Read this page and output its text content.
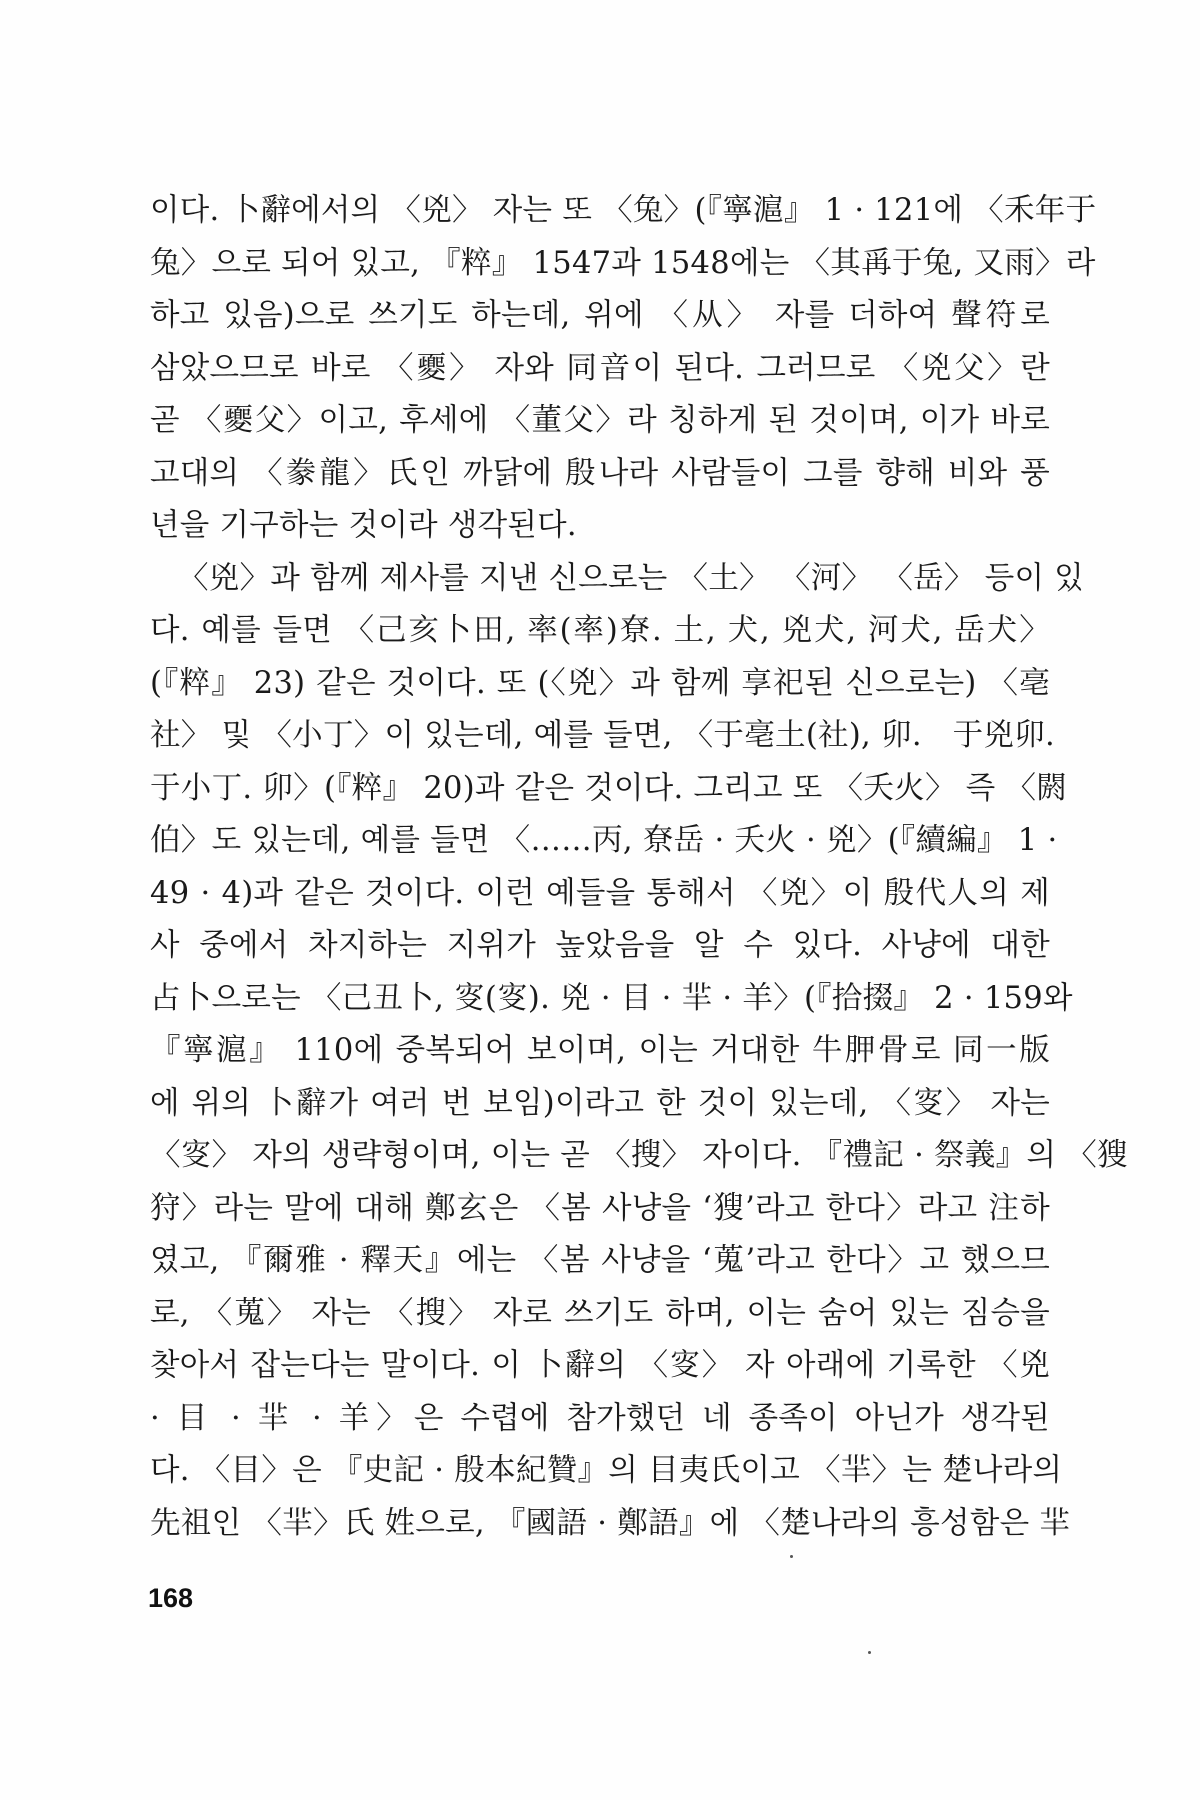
이다. 卜辭에서의 〈兇〉 자는 또 〈兔〉(『寧滬』 1 · 121에 〈禾年于
兔〉으로 되어 있고, 『粹』 1547과 1548에는 〈其爯于兔, 又雨〉라
하고 있음)으로 쓰기도 하는데, 위에 〈从〉 자를 더하여 聲符로
삼았으므로 바로 〈夒〉 자와 同音이 된다. 그러므로 〈兇父〉란
곧 〈夒父〉이고, 후세에 〈董父〉라 칭하게 된 것이며, 이가 바로
고대의 〈豢龍〉氏인 까닭에 殷나라 사람들이 그를 향해 비와 풍
년을 기구하는 것이라 생각된다.
〈兇〉과 함께 제사를 지낸 신으로는 〈土〉 〈河〉 〈岳〉 등이 있
다. 예를 들면 〈己亥卜田, 率(率)尞. 土, 犬, 兇犬, 河犬, 岳犬〉
(『粹』 23) 같은 것이다. 또 (〈兇〉과 함께 享祀된 신으로는) 〈亳
社〉 및 〈小丁〉이 있는데, 예를 들면, 〈于亳土(社), 卯.　于兇卯.
于小丁. 卯〉(『粹』 20)과 같은 것이다. 그리고 또 〈夭火〉 즉 〈閼
伯〉도 있는데, 예를 들면 〈……丙, 尞岳 · 夭火 · 兇〉(『續編』 1 ·
49 · 4)과 같은 것이다. 이런 예들을 통해서 〈兇〉이 殷代人의 제
사 중에서 차지하는 지위가 높았음을 알 수 있다. 사냥에 대한
占卜으로는 〈己丑卜, 叜(叜). 兇 · 目 · 羋 · 羊〉(『拾掇』 2 · 159와
『寧滬』 110에 중복되어 보이며, 이는 거대한 牛胛骨로 同一版
에 위의 卜辭가 여러 번 보임)이라고 한 것이 있는데, 〈叜〉 자는
〈叜〉 자의 생략형이며, 이는 곧 〈搜〉 자이다. 『禮記 · 祭義』의 〈獀
狩〉라는 말에 대해 鄭玄은 〈봄 사냥을 ‘獀’라고 한다〉라고 注하
였고, 『爾雅 · 釋天』에는 〈봄 사냥을 ‘蒐’라고 한다〉고 했으므
로, 〈蒐〉 자는 〈搜〉 자로 쓰기도 하며, 이는 숨어 있는 짐승을
찾아서 잡는다는 말이다. 이 卜辭의 〈叜〉 자 아래에 기록한 〈兇
· 目 · 羋 · 羊〉은 수렵에 참가했던 네 종족이 아닌가 생각된
다. 〈目〉은 『史記 · 殷本紀贊』의 目夷氏이고 〈羋〉는 楚나라의
先祖인 〈羋〉氏 姓으로, 『國語 · 鄭語』에 〈楚나라의 흥성함은 羋
168
